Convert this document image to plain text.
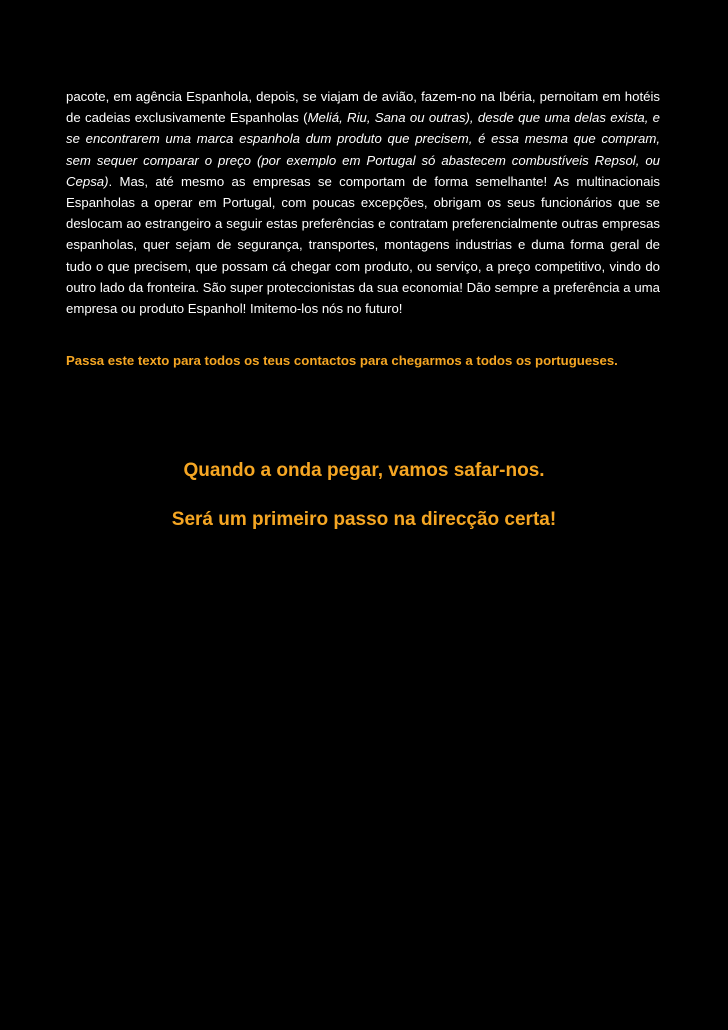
pacote, em agência Espanhola, depois, se viajam de avião, fazem-no na Ibéria, pernoitam em hotéis de cadeias exclusivamente Espanholas (Meliá, Riu, Sana ou outras), desde que uma delas exista, e se encontrarem uma marca espanhola dum produto que precisem, é essa mesma que compram, sem sequer comparar o preço (por exemplo em Portugal só abastecem combustíveis Repsol, ou Cepsa). Mas, até mesmo as empresas se comportam de forma semelhante! As multinacionais Espanholas a operar em Portugal, com poucas excepções, obrigam os seus funcionários que se deslocam ao estrangeiro a seguir estas preferências e contratam preferencialmente outras empresas espanholas, quer sejam de segurança, transportes, montagens industrias e duma forma geral de tudo o que precisem, que possam cá chegar com produto, ou serviço, a preço competitivo, vindo do outro lado da fronteira. São super proteccionistas da sua economia! Dão sempre a preferência a uma empresa ou produto Espanhol! Imitemo-los nós no futuro!

Passa este texto para todos os teus contactos para chegarmos a todos os portugueses.

Quando a onda pegar, vamos safar-nos.

Será um primeiro passo na direcção certa!
